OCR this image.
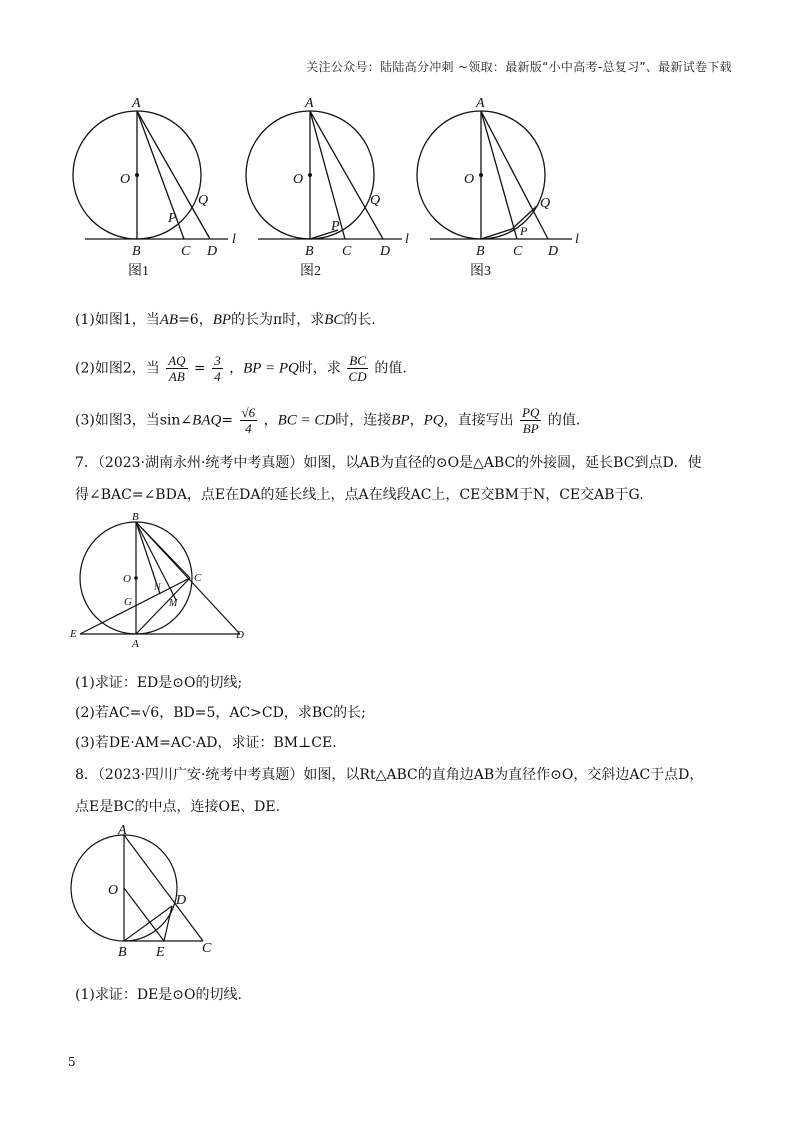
关注公众号：陆陆高分冲刺 ~领取：最新版“小中高考-总复习”、最新试卷下载
A
O
B	C D
P
Q
l
图1
A
O
B C D
P
Q
l
图2
A
O
B C D
P
Q
l
图3
(1)如图1，当AB=6，BP的长为π时，求BC的长.
(2)如图2，当 $\frac{AQ}{AB} = \frac{3}{4}$ ，BP = PQ时，求 $\frac{BC}{CD}$ 的值.
(3)如图3，当sin∠BAQ= $\frac{√6}{4}$ ，BC = CD时，连接BP，PQ，直接写出 $\frac{PQ}{BP}$ 的值.
7．（2023·湖南永州·统考中考真题）如图，以AB为直径的⊙O是△ABC的外接圆，延长BC到点D．使
得∠BAC=∠BDA，点E在DA的延长线上，点A在线段AC上，CE交BM于N，CE交AB于G.
B
O	C
N
G	M
E
A
D
(1)求证：ED是⊙O的切线;
(2)若AC=√6，BD=5，AC>CD，求BC的长;
(3)若DE·AM=AC·AD，求证：BM⊥CE.
8．（2023·四川广安·统考中考真题）如图，以Rt△ABC的直角边AB为直径作⊙O，交斜边AC于点D，
点E是BC的中点，连接OE、DE.
A
O
D
B E	C
(1)求证：DE是⊙O的切线.
5
